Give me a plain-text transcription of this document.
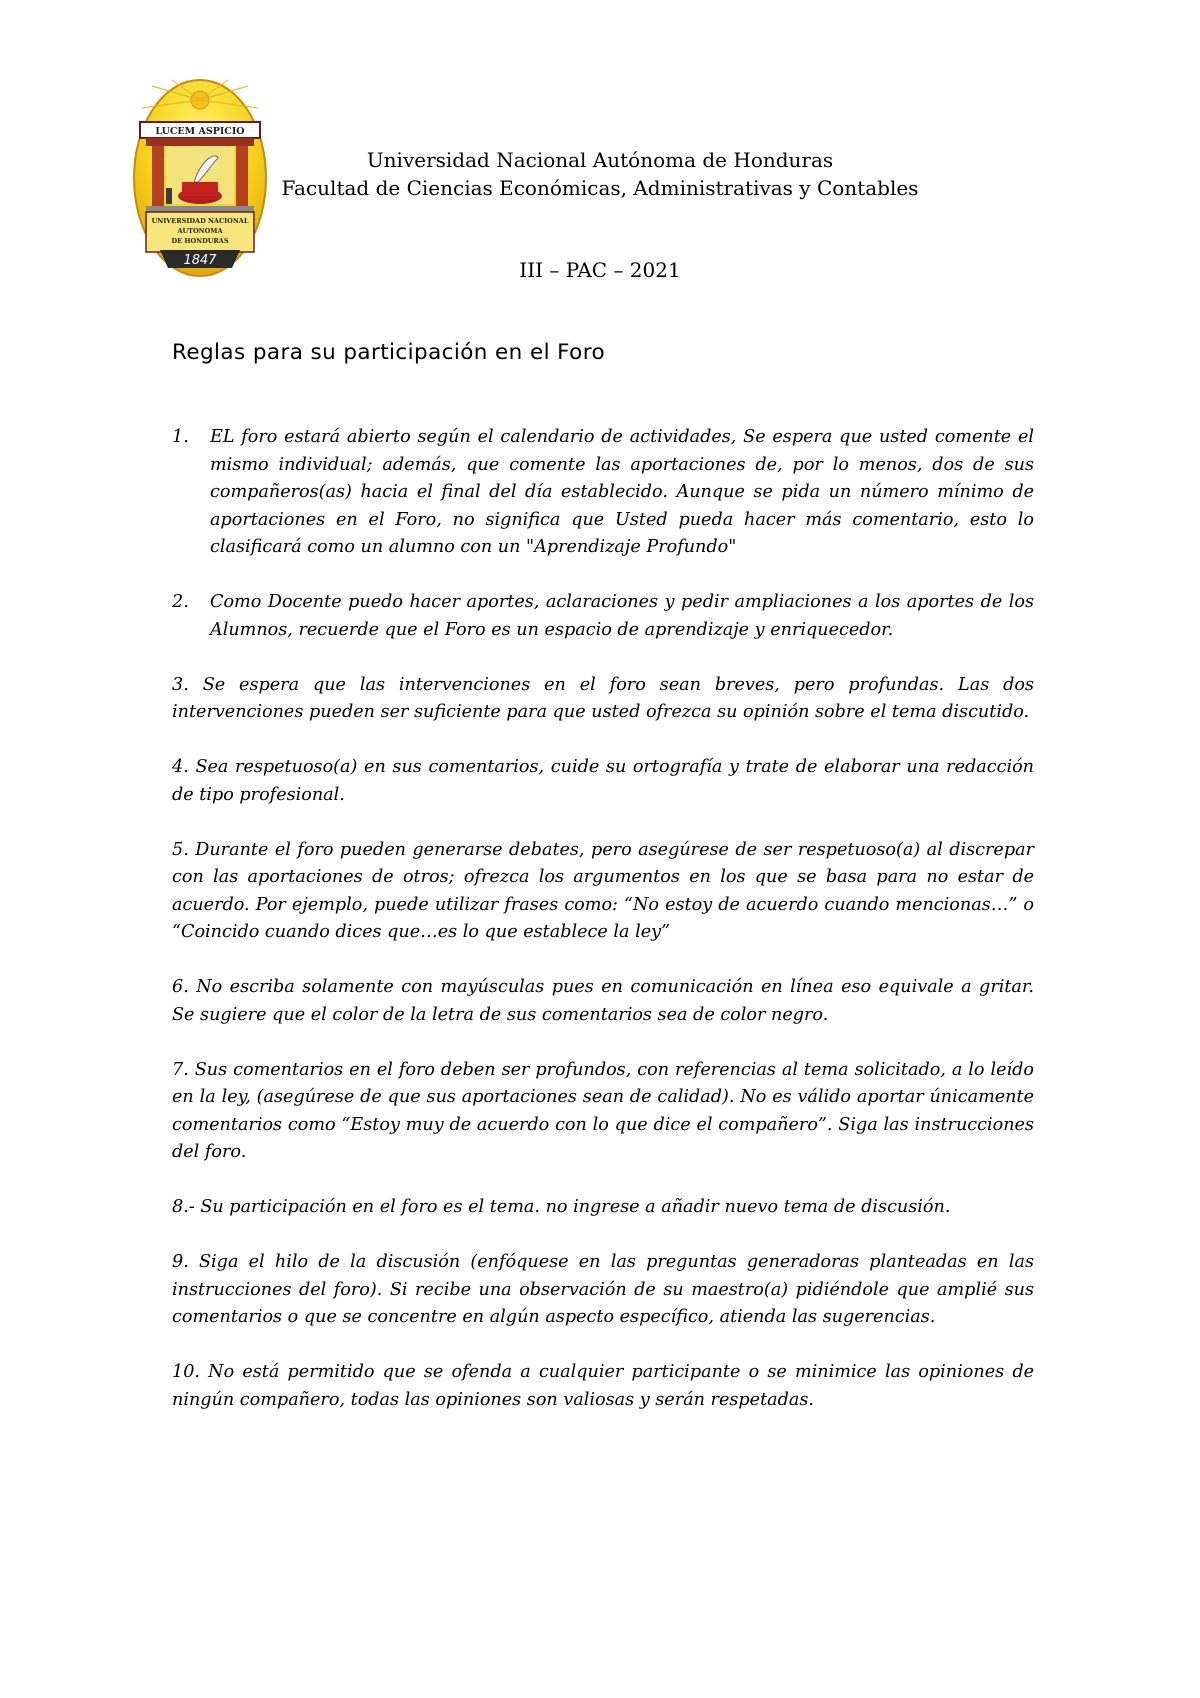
LUCEM ASPICIO
UNIVERSIDAD NACIONAL
AUTONOMA
DE HONDURAS
1847
Universidad Nacional Autónoma de Honduras
Facultad de Ciencias Económicas, Administrativas y Contables
III – PAC – 2021
Reglas para su participación en el Foro
1.	EL foro estará abierto según el calendario de actividades, Se espera que usted comente el mismo individual; además, que comente las aportaciones de, por lo menos, dos de sus compañeros(as) hacia el final del día establecido. Aunque se pida un número mínimo de aportaciones en el Foro, no significa que Usted pueda hacer más comentario, esto lo clasificará como un alumno con un "Aprendizaje Profundo"
2.	Como Docente puedo hacer aportes, aclaraciones y pedir ampliaciones a los aportes de los Alumnos, recuerde que el Foro es un espacio de aprendizaje y enriquecedor.
3. Se espera que las intervenciones en el foro sean breves, pero profundas. Las dos intervenciones pueden ser suficiente para que usted ofrezca su opinión sobre el tema discutido.
4. Sea respetuoso(a) en sus comentarios, cuide su ortografía y trate de elaborar una redacción de tipo profesional.
5. Durante el foro pueden generarse debates, pero asegúrese de ser respetuoso(a) al discrepar con las aportaciones de otros; ofrezca los argumentos en los que se basa para no estar de acuerdo. Por ejemplo, puede utilizar frases como: “No estoy de acuerdo cuando mencionas…” o “Coincido cuando dices que…es lo que establece la ley”
6. No escriba solamente con mayúsculas pues en comunicación en línea eso equivale a gritar. Se sugiere que el color de la letra de sus comentarios sea de color negro.
7. Sus comentarios en el foro deben ser profundos, con referencias al tema solicitado, a lo leído en la ley, (asegúrese de que sus aportaciones sean de calidad). No es válido aportar únicamente comentarios como “Estoy muy de acuerdo con lo que dice el compañero”. Siga las instrucciones del foro.
8.- Su participación en el foro es el tema. no ingrese a añadir nuevo tema de discusión.
9. Siga el hilo de la discusión (enfóquese en las preguntas generadoras planteadas en las instrucciones del foro). Si recibe una observación de su maestro(a) pidiéndole que amplié sus comentarios o que se concentre en algún aspecto específico, atienda las sugerencias.
10. No está permitido que se ofenda a cualquier participante o se minimice las opiniones de ningún compañero, todas las opiniones son valiosas y serán respetadas.
